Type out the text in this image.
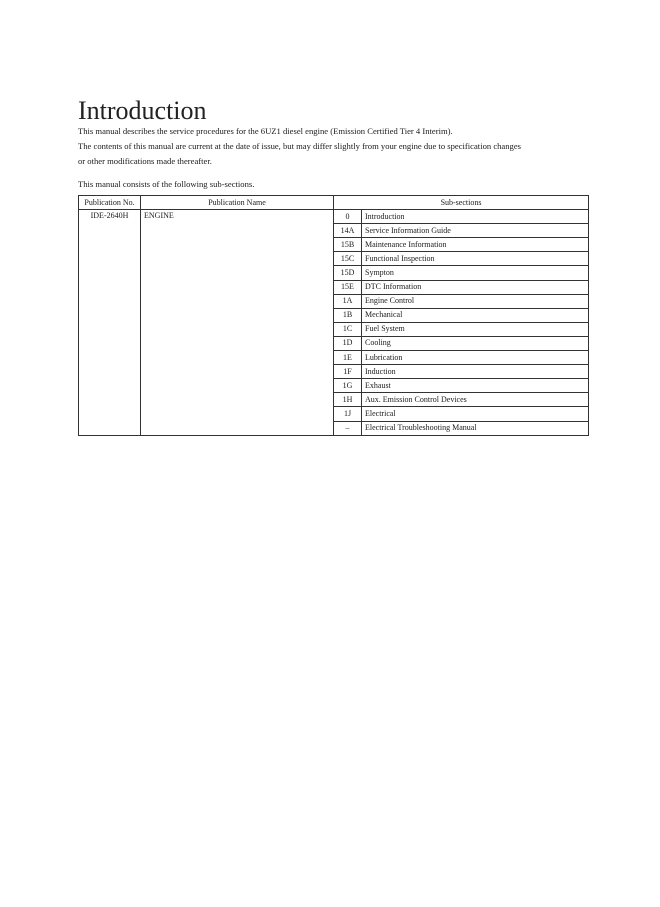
Introduction

This manual describes the service procedures for the 6UZ1 diesel engine (Emission Certified Tier 4 Interim).

The contents of this manual are current at the date of issue, but may differ slightly from your engine due to specification changes

or other modifications made thereafter.

This manual consists of the following sub-sections.

Publication No.	Publication Name	Sub-sections	
IDE-2640H	ENGINE	0	Introduction
		14A	Service Information Guide
		15B	Maintenance Information
		15C	Functional Inspection
		15D	Sympton
		15E	DTC Information
		1A	Engine Control
		1B	Mechanical
		1C	Fuel System
		1D	Cooling
		1E	Lubrication
		1F	Induction
		1G	Exhaust
		1H	Aux. Emission Control Devices
		1J	Electrical
		–	Electrical Troubleshooting Manual
